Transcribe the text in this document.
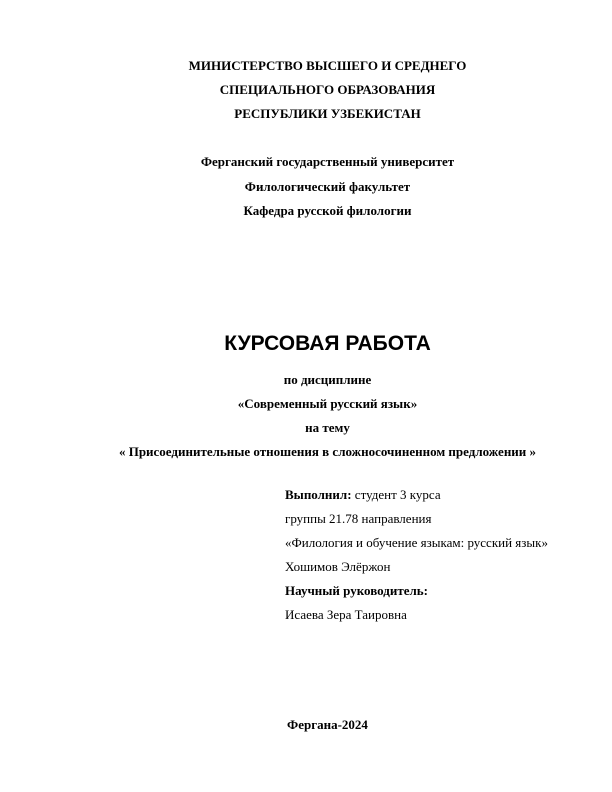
МИНИСТЕРСТВО ВЫСШЕГО И СРЕДНЕГО
СПЕЦИАЛЬНОГО ОБРАЗОВАНИЯ
РЕСПУБЛИКИ УЗБЕКИСТАН
Ферганский государственный университет
Филологический факультет
Кафедра русской филологии
КУРСОВАЯ РАБОТА
по дисциплине
«Современный русский язык»
на тему
« Присоединительные отношения в сложносочиненном предложении »
Выполнил: студент 3 курса
группы 21.78 направления
«Филология и обучение языкам: русский язык»
Хошимов Элёржон
Научный руководитель:
Исаева Зера Таировна
Фергана-2024
